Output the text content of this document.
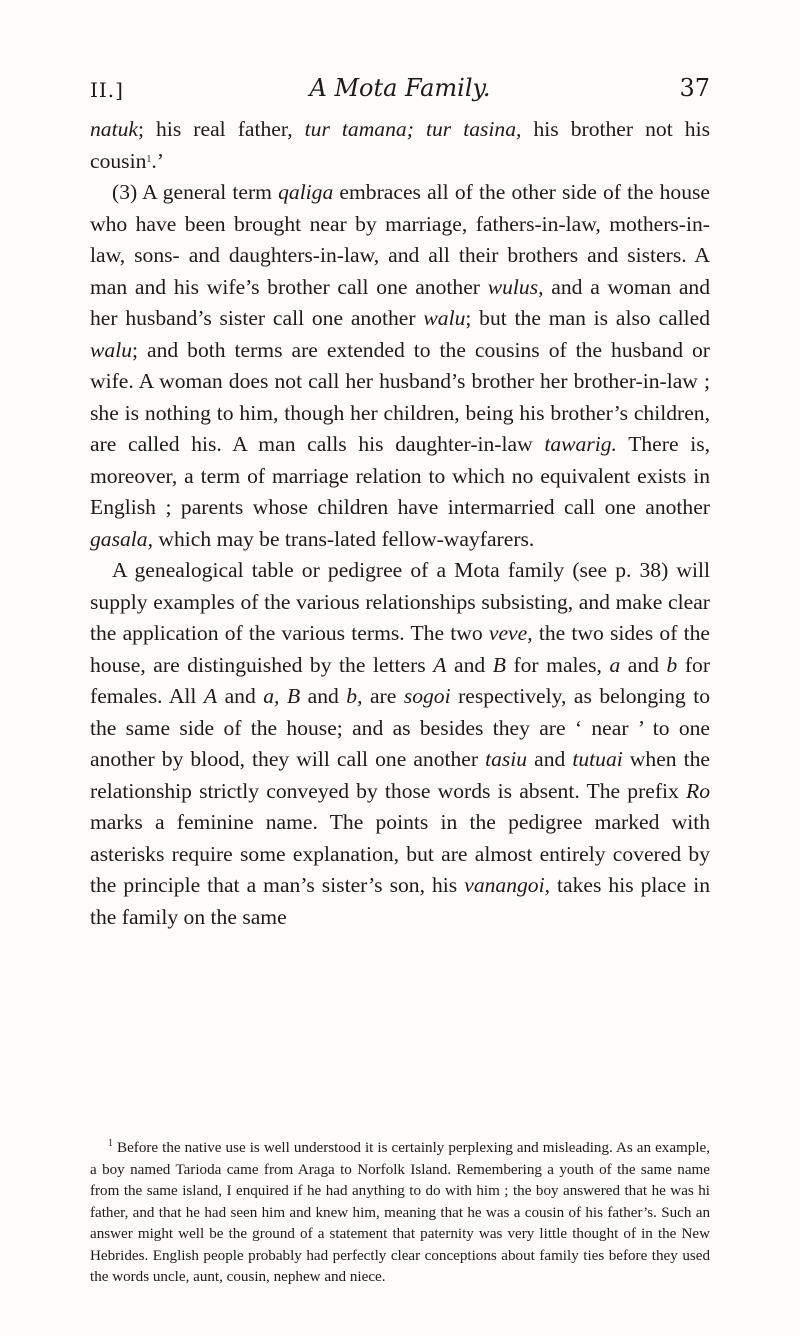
II.]	A Mota Family.	37

natuk; his real father, tur tamana; tur tasina, his brother not his cousin$^1$.’

(3) A general term qaliga embraces all of the other side of the house who have been brought near by marriage, fathers-in-law, mothers-in-law, sons- and daughters-in-law, and all their brothers and sisters. A man and his wife’s brother call one another wulus, and a woman and her husband’s sister call one another walu; but the man is also called walu; and both terms are extended to the cousins of the husband or wife. A woman does not call her husband’s brother her brother-in-law ; she is nothing to him, though her children, being his brother’s children, are called his. A man calls his daughter-in-law tawarig. There is, moreover, a term of marriage relation to which no equivalent exists in English ; parents whose children have intermarried call one another gasala, which may be trans-lated fellow-wayfarers.

A genealogical table or pedigree of a Mota family (see p. 38) will supply examples of the various relationships subsisting, and make clear the application of the various terms. The two veve, the two sides of the house, are distinguished by the letters A and B for males, a and b for females. All A and a, B and b, are sogoi respectively, as belonging to the same side of the house; and as besides they are ‘ near ’ to one another by blood, they will call one another tasiu and tutuai when the relationship strictly conveyed by those words is absent. The prefix Ro marks a feminine name. The points in the pedigree marked with asterisks require some explanation, but are almost entirely covered by the principle that a man’s sister’s son, his vanangoi, takes his place in the family on the same

$^1$ Before the native use is well understood it is certainly perplexing and misleading. As an example, a boy named Tarioda came from Araga to Norfolk Island. Remembering a youth of the same name from the same island, I enquired if he had anything to do with him ; the boy answered that he was hi father, and that he had seen him and knew him, meaning that he was a cousin of his father’s. Such an answer might well be the ground of a statement that paternity was very little thought of in the New Hebrides. English people probably had perfectly clear conceptions about family ties before they used the words uncle, aunt, cousin, nephew and niece.
